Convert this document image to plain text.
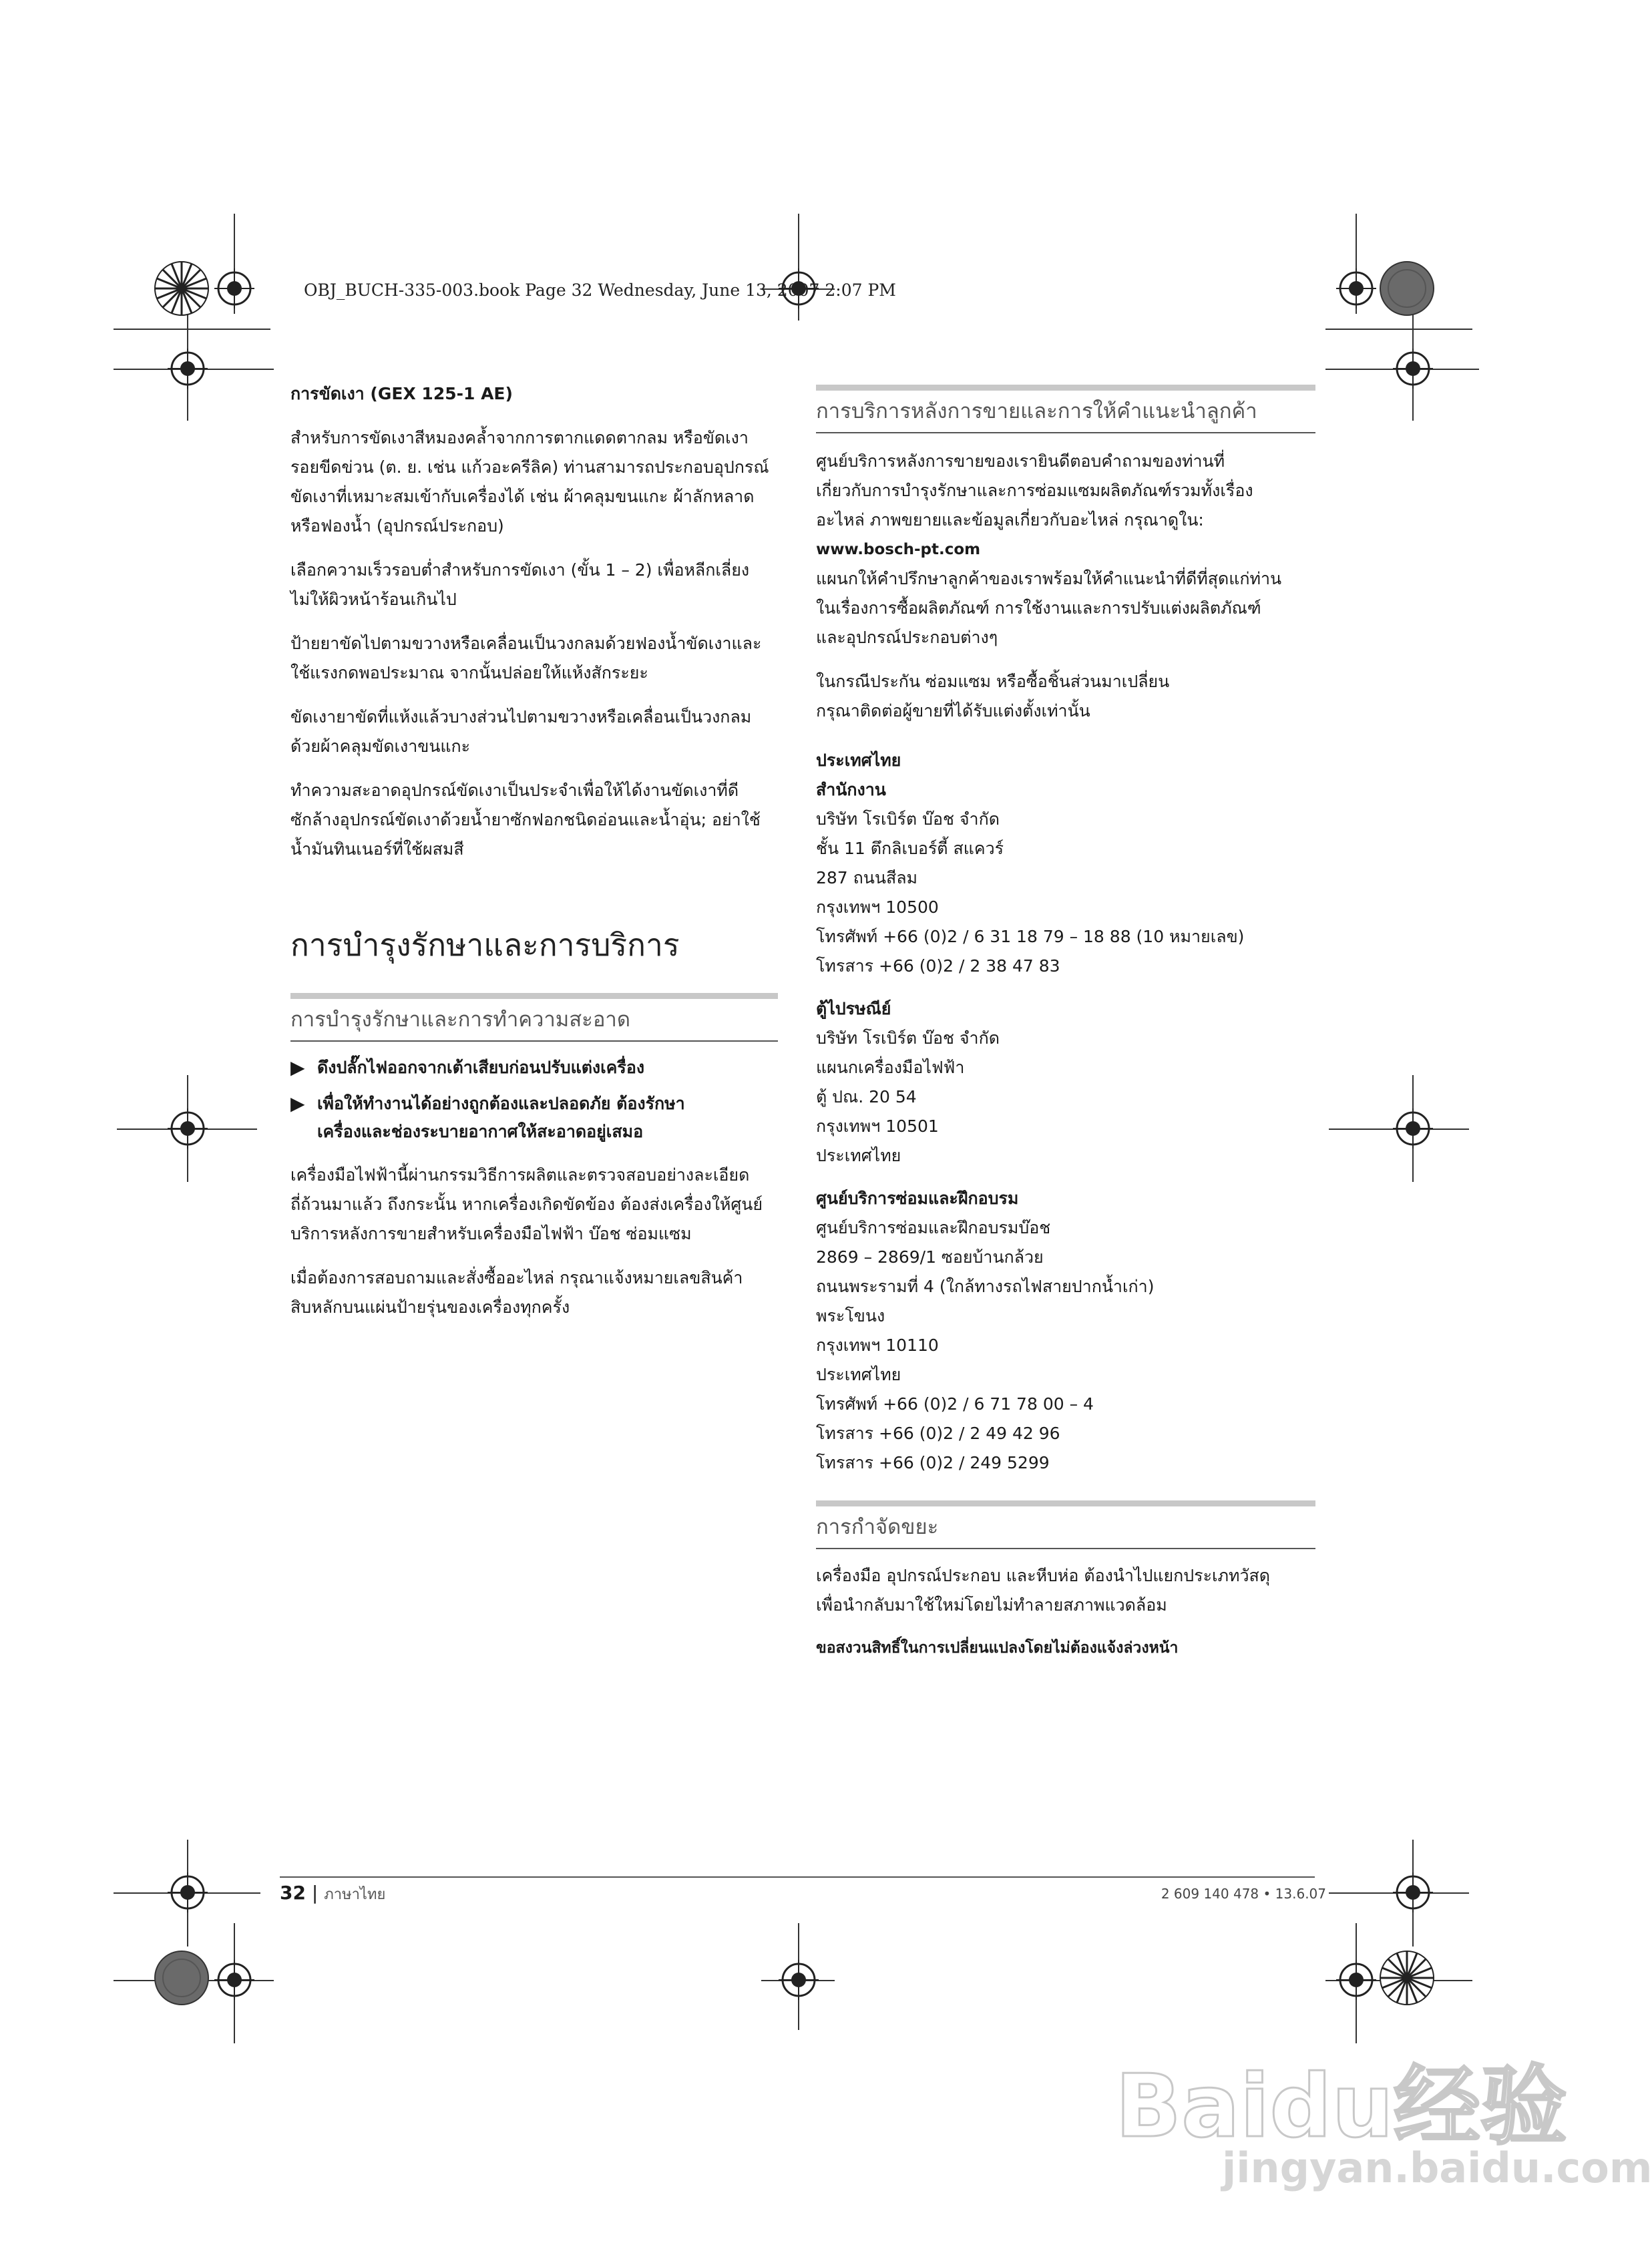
OBJ_BUCH-335-003.book Page 32 Wednesday, June 13, 2007 2:07 PM

การขัดเงา (GEX 125-1 AE)

สำหรับการขัดเงาสีหมองคล้ำจากการตากแดดตากลม หรือขัดเงา

รอยขีดข่วน (ต. ย. เช่น แก้วอะครีลิค) ท่านสามารถประกอบอุปกรณ์

ขัดเงาที่เหมาะสมเข้ากับเครื่องได้ เช่น ผ้าคลุมขนแกะ ผ้าลักหลาด

หรือฟองน้ำ (อุปกรณ์ประกอบ)

เลือกความเร็วรอบต่ำสำหรับการขัดเงา (ขั้น 1 – 2) เพื่อหลีกเลี่ยง

ไม่ให้ผิวหน้าร้อนเกินไป

ป้ายยาขัดไปตามขวางหรือเคลื่อนเป็นวงกลมด้วยฟองน้ำขัดเงาและ

ใช้แรงกดพอประมาณ จากนั้นปล่อยให้แห้งสักระยะ

ขัดเงายาขัดที่แห้งแล้วบางส่วนไปตามขวางหรือเคลื่อนเป็นวงกลม

ด้วยผ้าคลุมขัดเงาขนแกะ

ทำความสะอาดอุปกรณ์ขัดเงาเป็นประจำเพื่อให้ได้งานขัดเงาที่ดี

ซักล้างอุปกรณ์ขัดเงาด้วยน้ำยาซักฟอกชนิดอ่อนและน้ำอุ่น; อย่าใช้

น้ำมันทินเนอร์ที่ใช้ผสมสี

การบำรุงรักษาและการบริการ
การบำรุงรักษาและการทำความสะอาด
▶ ดึงปลั๊กไฟออกจากเต้าเสียบก่อนปรับแต่งเครื่อง
▶ เพื่อให้ทำงานได้อย่างถูกต้องและปลอดภัย ต้องรักษา
เครื่องและช่องระบายอากาศให้สะอาดอยู่เสมอ

เครื่องมือไฟฟ้านี้ผ่านกรรมวิธีการผลิตและตรวจสอบอย่างละเอียด

ถี่ถ้วนมาแล้ว ถึงกระนั้น หากเครื่องเกิดขัดข้อง ต้องส่งเครื่องให้ศูนย์

บริการหลังการขายสำหรับเครื่องมือไฟฟ้า บ๊อช ซ่อมแซม

เมื่อต้องการสอบถามและสั่งซื้ออะไหล่ กรุณาแจ้งหมายเลขสินค้า

สิบหลักบนแผ่นป้ายรุ่นของเครื่องทุกครั้ง

การบริการหลังการขายและการให้คำแนะนำลูกค้า

ศูนย์บริการหลังการขายของเรายินดีตอบคำถามของท่านที่

เกี่ยวกับการบำรุงรักษาและการซ่อมแซมผลิตภัณฑ์รวมทั้งเรื่อง

อะไหล่ ภาพขยายและข้อมูลเกี่ยวกับอะไหล่ กรุณาดูใน:

www.bosch-pt.com

แผนกให้คำปรึกษาลูกค้าของเราพร้อมให้คำแนะนำที่ดีที่สุดแก่ท่าน

ในเรื่องการซื้อผลิตภัณฑ์ การใช้งานและการปรับแต่งผลิตภัณฑ์

และอุปกรณ์ประกอบต่างๆ

ในกรณีประกัน ซ่อมแซม หรือซื้อชิ้นส่วนมาเปลี่ยน

กรุณาติดต่อผู้ขายที่ได้รับแต่งตั้งเท่านั้น

ประเทศไทย

สำนักงาน

บริษัท โรเบิร์ต บ๊อช จำกัด

ชั้น 11 ตึกลิเบอร์ตี้ สแควร์

287 ถนนสีลม

กรุงเทพฯ 10500

โทรศัพท์ +66 (0)2 / 6 31 18 79 – 18 88 (10 หมายเลข)

โทรสาร +66 (0)2 / 2 38 47 83

ตู้ไปรษณีย์

บริษัท โรเบิร์ต บ๊อช จำกัด

แผนกเครื่องมือไฟฟ้า

ตู้ ปณ. 20 54

กรุงเทพฯ 10501

ประเทศไทย

ศูนย์บริการซ่อมและฝึกอบรม

ศูนย์บริการซ่อมและฝึกอบรมบ๊อช

2869 – 2869/1 ซอยบ้านกล้วย

ถนนพระรามที่ 4 (ใกล้ทางรถไฟสายปากน้ำเก่า)

พระโขนง

กรุงเทพฯ 10110

ประเทศไทย

โทรศัพท์ +66 (0)2 / 6 71 78 00 – 4

โทรสาร +66 (0)2 / 2 49 42 96

โทรสาร +66 (0)2 / 249 5299

การกำจัดขยะ

เครื่องมือ อุปกรณ์ประกอบ และหีบห่อ ต้องนำไปแยกประเภทวัสดุ

เพื่อนำกลับมาใช้ใหม่โดยไม่ทำลายสภาพแวดล้อม

ขอสงวนสิทธิ์ในการเปลี่ยนแปลงโดยไม่ต้องแจ้งล่วงหน้า

32 | ภาษาไทย	2 609 140 478 • 13.6.07
Baidu经验
jingyan.baidu.com
